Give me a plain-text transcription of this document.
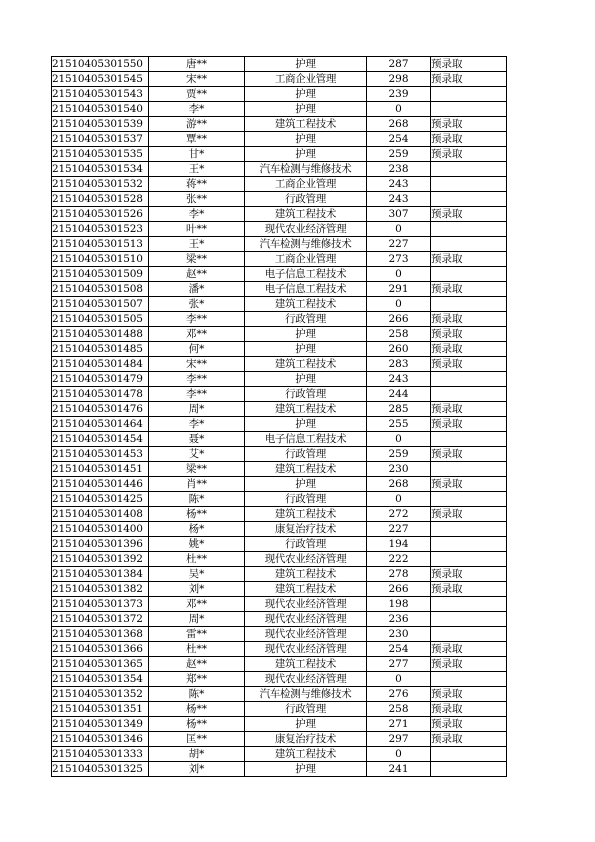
21510405301550	唐**	护理	287	预录取
21510405301545	宋**	工商企业管理	298	预录取
21510405301543	贾**	护理	239	
21510405301540	李*	护理	0	
21510405301539	游**	建筑工程技术	268	预录取
21510405301537	覃**	护理	254	预录取
21510405301535	甘*	护理	259	预录取
21510405301534	王*	汽车检测与维修技术	238	
21510405301532	蒋**	工商企业管理	243	
21510405301528	张**	行政管理	243	
21510405301526	李*	建筑工程技术	307	预录取
21510405301523	叶**	现代农业经济管理	0	
21510405301513	王*	汽车检测与维修技术	227	
21510405301510	梁**	工商企业管理	273	预录取
21510405301509	赵**	电子信息工程技术	0	
21510405301508	潘*	电子信息工程技术	291	预录取
21510405301507	张*	建筑工程技术	0	
21510405301505	李**	行政管理	266	预录取
21510405301488	邓**	护理	258	预录取
21510405301485	何*	护理	260	预录取
21510405301484	宋**	建筑工程技术	283	预录取
21510405301479	李**	护理	243	
21510405301478	李**	行政管理	244	
21510405301476	周*	建筑工程技术	285	预录取
21510405301464	李*	护理	255	预录取
21510405301454	聂*	电子信息工程技术	0	
21510405301453	艾*	行政管理	259	预录取
21510405301451	梁**	建筑工程技术	230	
21510405301446	肖**	护理	268	预录取
21510405301425	陈*	行政管理	0	
21510405301408	杨**	建筑工程技术	272	预录取
21510405301400	杨*	康复治疗技术	227	
21510405301396	姚*	行政管理	194	
21510405301392	杜**	现代农业经济管理	222	
21510405301384	吴*	建筑工程技术	278	预录取
21510405301382	刘*	建筑工程技术	266	预录取
21510405301373	邓**	现代农业经济管理	198	
21510405301372	周*	现代农业经济管理	236	
21510405301368	雷**	现代农业经济管理	230	
21510405301366	杜**	现代农业经济管理	254	预录取
21510405301365	赵**	建筑工程技术	277	预录取
21510405301354	郑**	现代农业经济管理	0	
21510405301352	陈*	汽车检测与维修技术	276	预录取
21510405301351	杨**	行政管理	258	预录取
21510405301349	杨**	护理	271	预录取
21510405301346	匡**	康复治疗技术	297	预录取
21510405301333	胡*	建筑工程技术	0	
21510405301325	刘*	护理	241	
